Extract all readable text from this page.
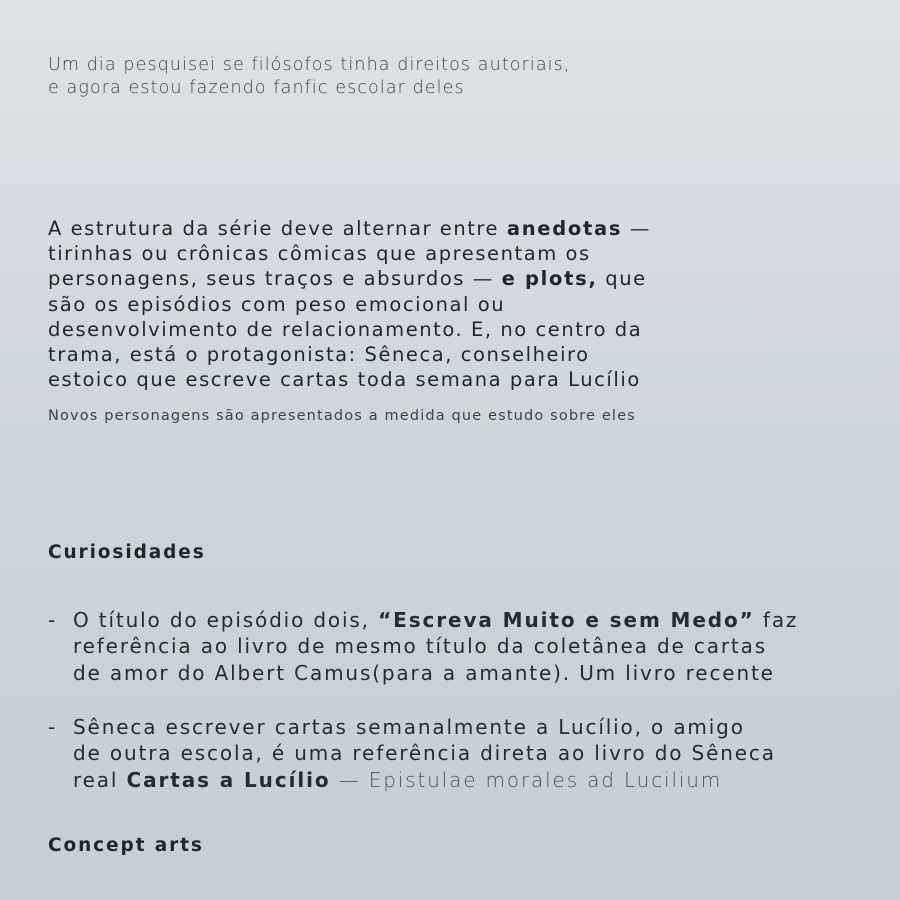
Um dia pesquisei se filósofos tinha direitos autoriais,
e agora estou fazendo fanfic escolar deles

A estrutura da série deve alternar entre anedotas —
tirinhas ou crônicas cômicas que apresentam os
personagens, seus traços e absurdos — e plots, que
são os episódios com peso emocional ou
desenvolvimento de relacionamento. E, no centro da
trama, está o protagonista: Sêneca, conselheiro
estoico que escreve cartas toda semana para Lucílio

Novos personagens são apresentados a medida que estudo sobre eles

Curiosidades
- O título do episódio dois, “Escreva Muito e sem Medo” faz
referência ao livro de mesmo título da coletânea de cartas
de amor do Albert Camus(para a amante). Um livro recente
- Sêneca escrever cartas semanalmente a Lucílio, o amigo
de outra escola, é uma referência direta ao livro do Sêneca
real Cartas a Lucílio — Epistulae morales ad Lucilium
Concept arts
